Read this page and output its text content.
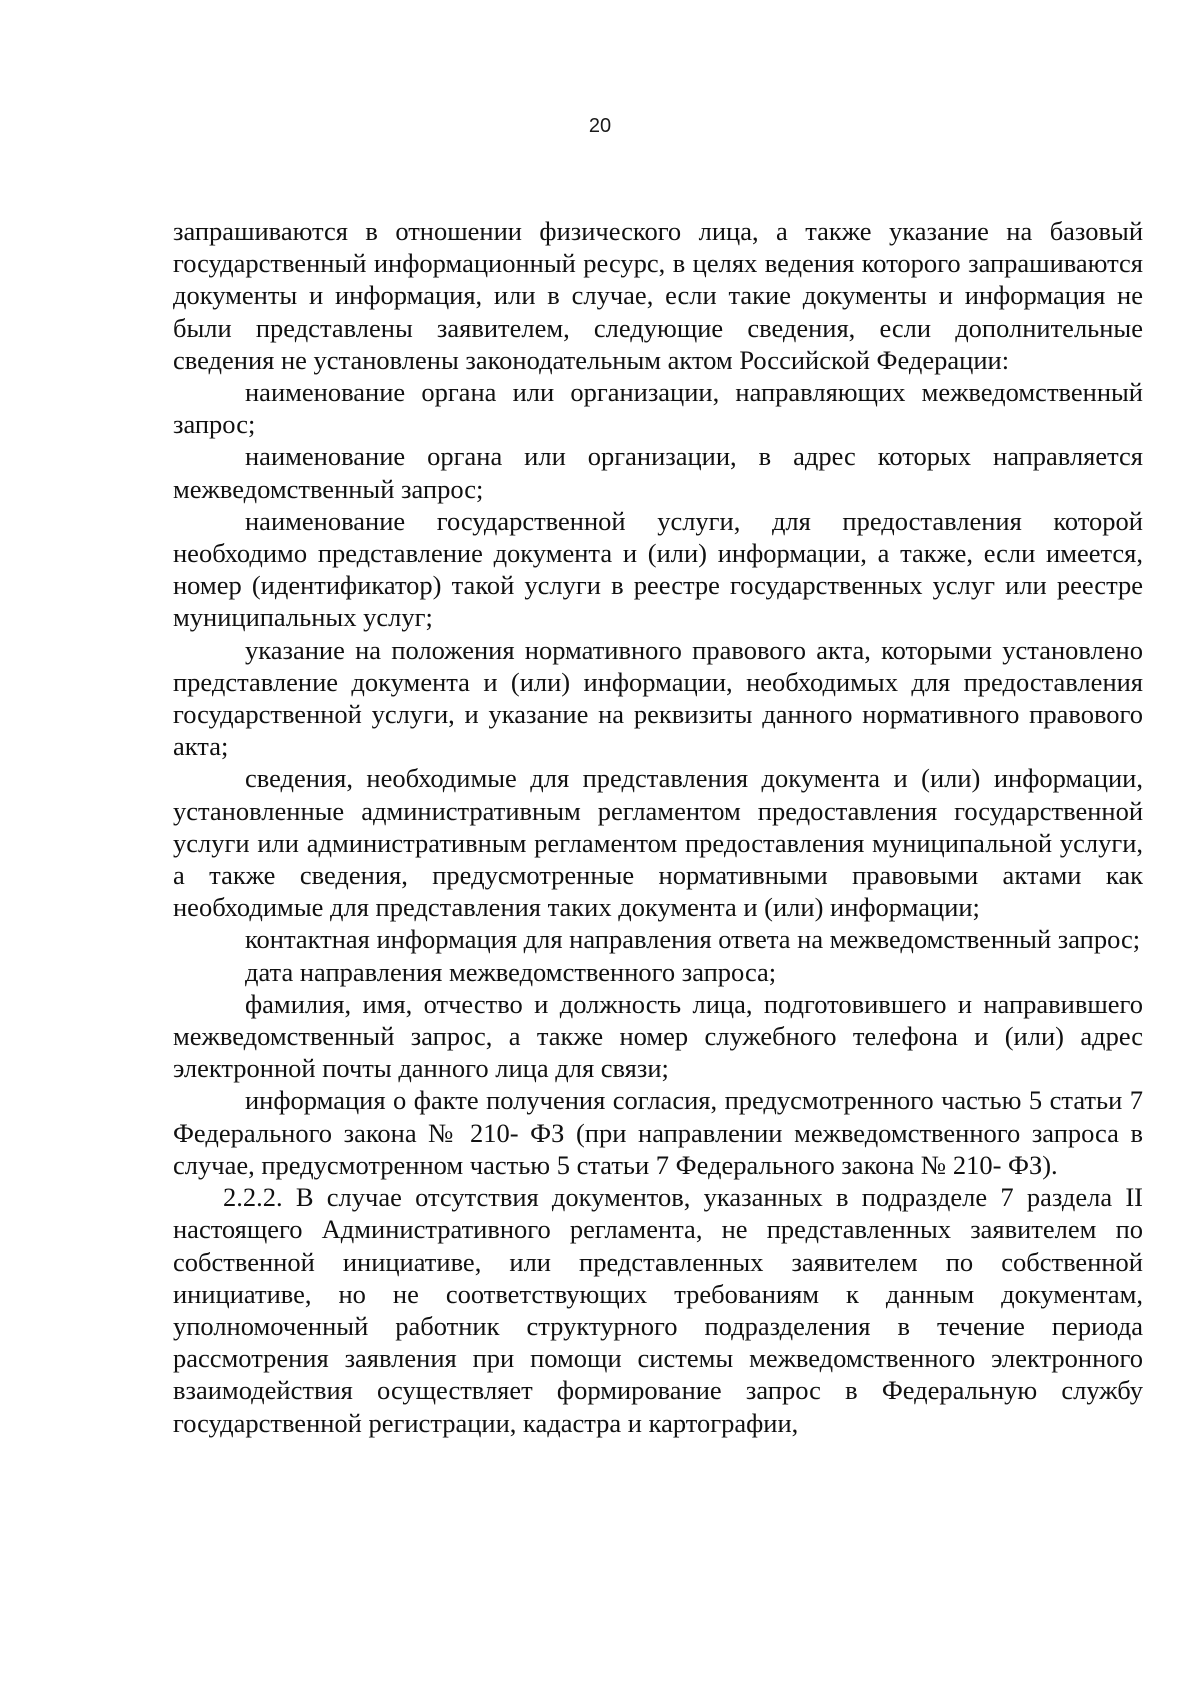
20

запрашиваются в отношении физического лица, а также указание на базовый государственный информационный ресурс, в целях ведения которого запрашиваются документы и информация, или в случае, если такие документы и информация не были представлены заявителем, следующие сведения, если дополнительные сведения не установлены законодательным актом Российской Федерации:

наименование органа или организации, направляющих межведомственный запрос;

наименование органа или организации, в адрес которых направляется межведомственный запрос;

наименование государственной услуги, для предоставления которой необходимо представление документа и (или) информации, а также, если имеется, номер (идентификатор) такой услуги в реестре государственных услуг или реестре муниципальных услуг;

указание на положения нормативного правового акта, которыми установлено представление документа и (или) информации, необходимых для предоставления государственной услуги, и указание на реквизиты данного нормативного правового акта;

сведения, необходимые для представления документа и (или) информации, установленные административным регламентом предоставления государственной услуги или административным регламентом предоставления муниципальной услуги, а также сведения, предусмотренные нормативными правовыми актами как необходимые для представления таких документа и (или) информации;

контактная информация для направления ответа на межведомственный запрос;

дата направления межведомственного запроса;

фамилия, имя, отчество и должность лица, подготовившего и направившего межведомственный запрос, а также номер служебного телефона и (или) адрес электронной почты данного лица для связи;

информация о факте получения согласия, предусмотренного частью 5 статьи 7 Федерального закона № 210- ФЗ (при направлении межведомственного запроса в случае, предусмотренном частью 5 статьи 7 Федерального закона № 210- ФЗ).

2.2.2. В случае отсутствия документов, указанных в подразделе 7 раздела II настоящего Административного регламента, не представленных заявителем по собственной инициативе, или представленных заявителем по собственной инициативе, но не соответствующих требованиям к данным документам, уполномоченный работник структурного подразделения в течение периода рассмотрения заявления при помощи системы межведомственного электронного взаимодействия осуществляет формирование запрос в Федеральную службу государственной регистрации, кадастра и картографии,
